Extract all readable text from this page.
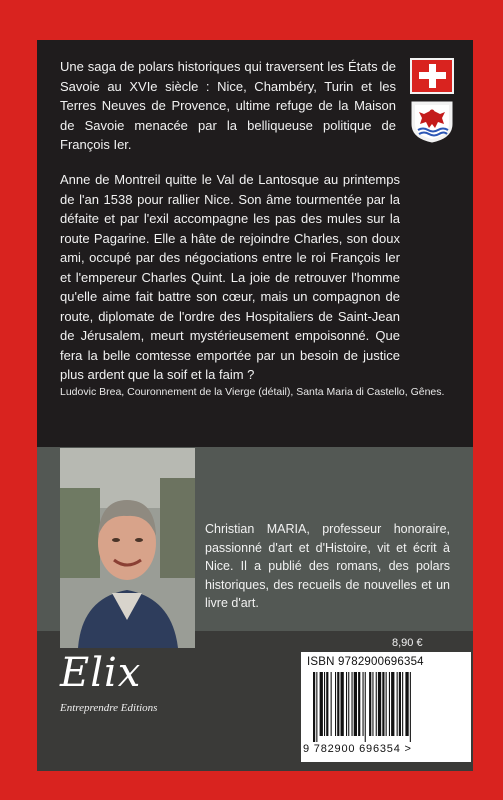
Une saga de polars historiques qui traversent les États de Savoie au XVIe siècle : Nice, Chambéry, Turin et les Terres Neuves de Provence, ultime refuge de la Maison de Savoie menacée par la belliqueuse politique de François Ier.

Anne de Montreil quitte le Val de Lantosque au printemps de l'an 1538 pour rallier Nice. Son âme tourmentée par la défaite et par l'exil accompagne les pas des mules sur la route Pagarine. Elle a hâte de rejoindre Charles, son doux ami, occupé par des négociations entre le roi François Ier et l'empereur Charles Quint. La joie de retrouver l'homme qu'elle aime fait battre son cœur, mais un compagnon de route, diplomate de l'ordre des Hospitaliers de Saint-Jean de Jérusalem, meurt mystérieusement empoisonné. Que fera la belle comtesse emportée par un besoin de justice plus ardent que la soif et la faim ?

Ludovic Brea, Couronnement de la Vierge (détail), Santa Maria di Castello, Gênes.

Christian MARIA, professeur honoraire, passionné d'art et d'Histoire, vit et écrit à Nice. Il a publié des romans, des polars historiques, des recueils de nouvelles et un livre d'art.

8,90 €
ISBN 9782900696354
9 782900 696354 >
Elix
Entreprendre Editions
